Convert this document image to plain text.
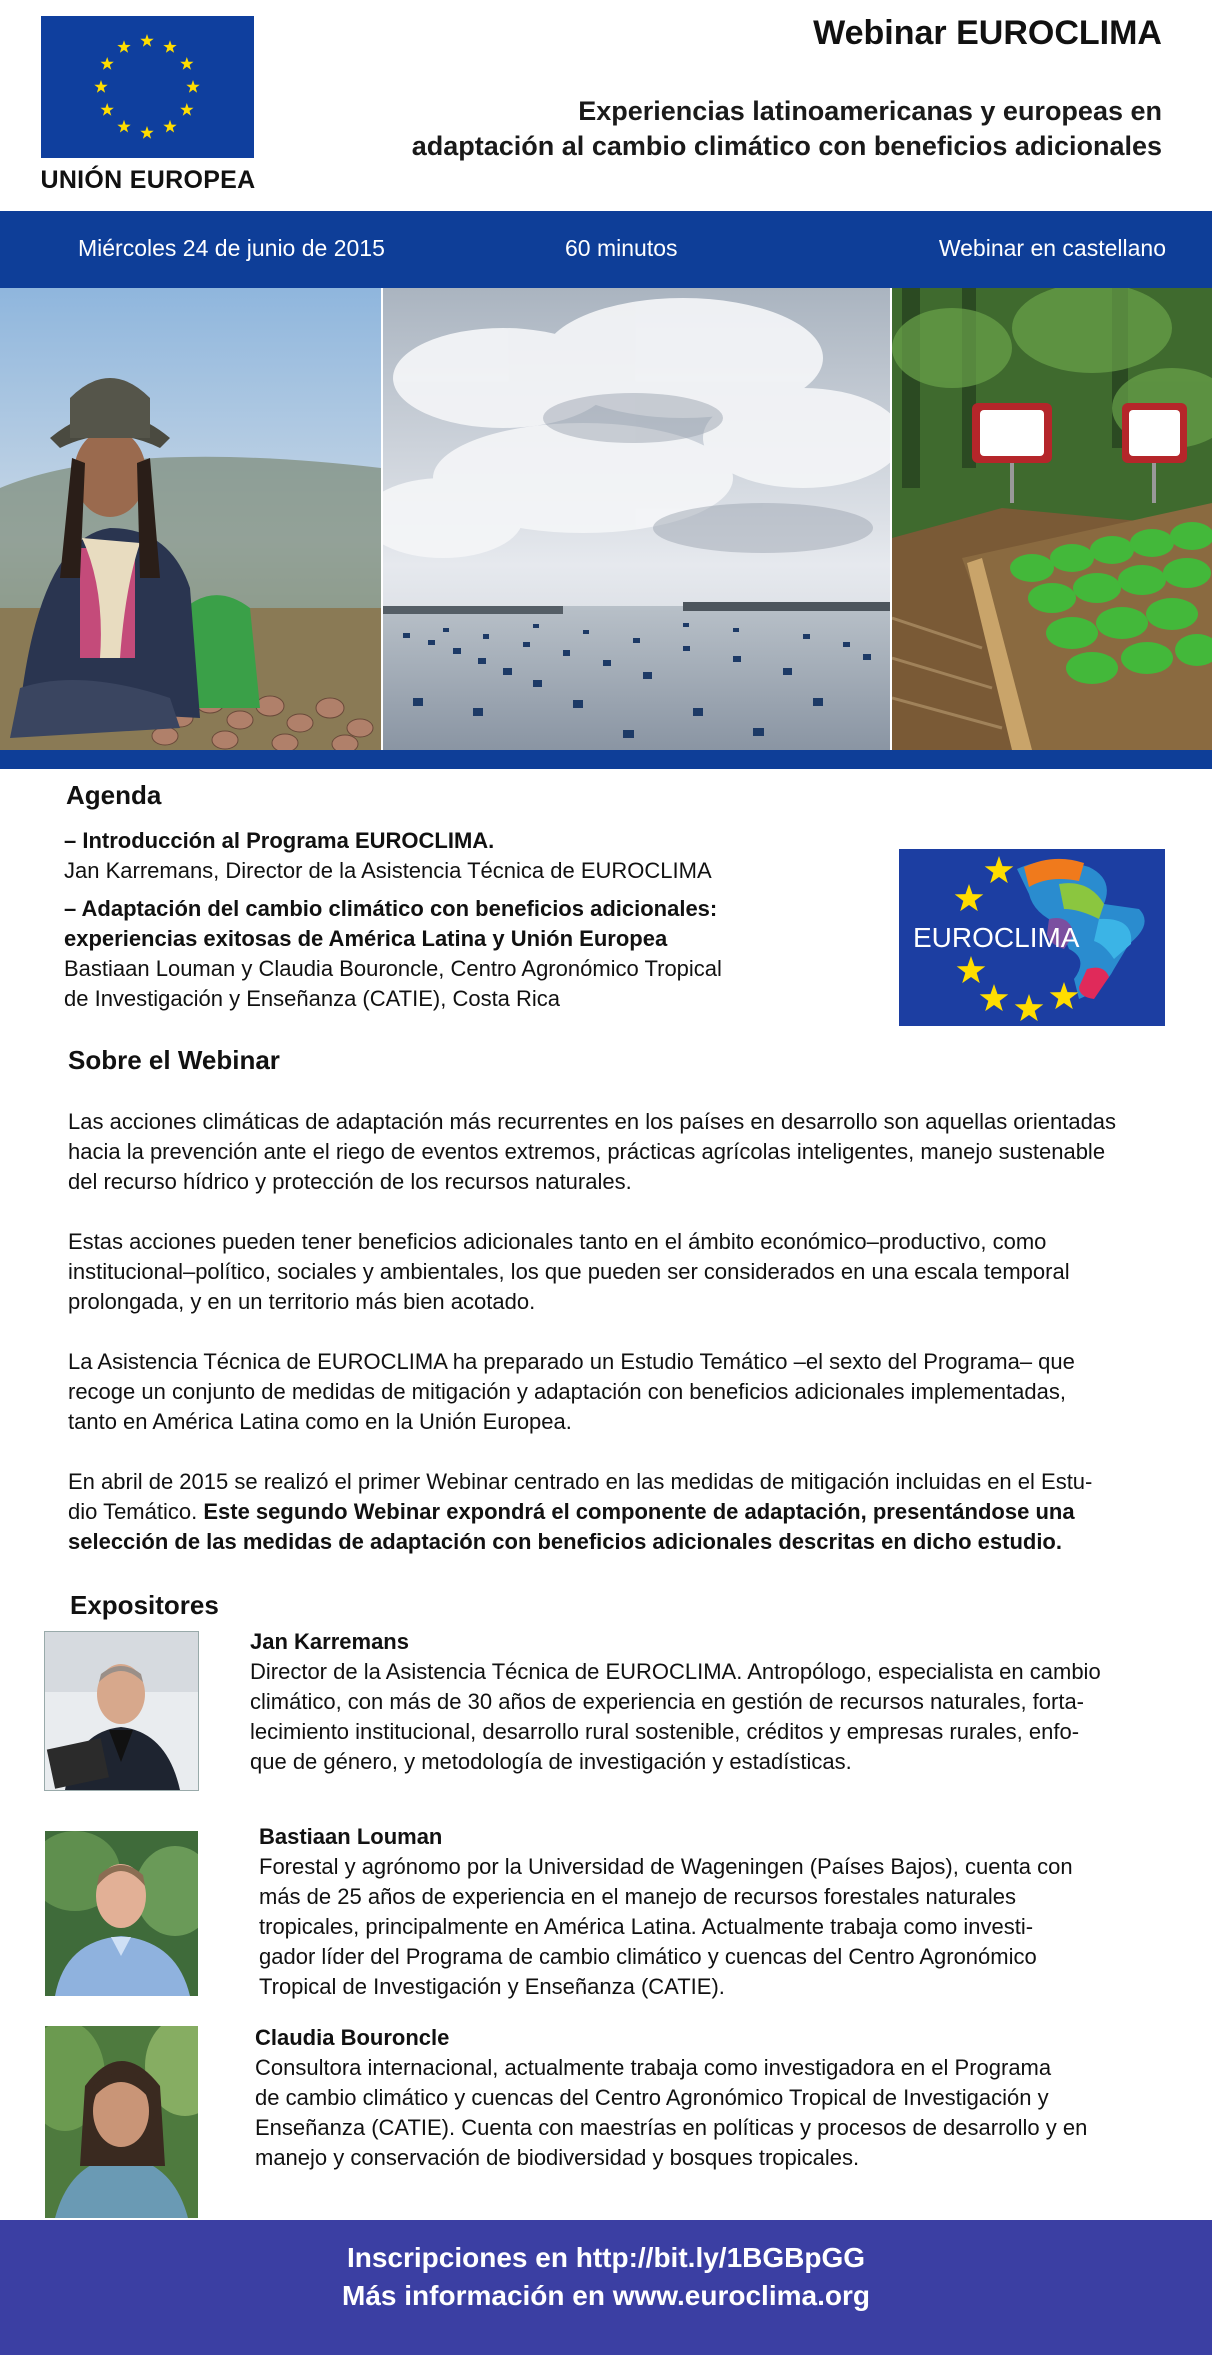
UNIÓN EUROPEA
Webinar EUROCLIMA
Experiencias latinoamericanas y europeas en
adaptación al cambio climático con beneficios adicionales
Miércoles 24 de junio de 2015	60 minutos	Webinar en castellano
Agenda
– Introducción al Programa EUROCLIMA.
Jan Karremans, Director de la Asistencia Técnica de EUROCLIMA
– Adaptación del cambio climático con beneficios adicionales:
experiencias exitosas de América Latina y Unión Europea
Bastiaan Louman y Claudia Bouroncle, Centro Agronómico Tropical
de Investigación y Enseñanza (CATIE), Costa Rica
EUROCLIMA
Sobre el Webinar

Las acciones climáticas de adaptación más recurrentes en los países en desarrollo son aquellas orientadas
hacia la prevención ante el riego de eventos extremos, prácticas agrícolas inteligentes, manejo sustenable
del recurso hídrico y protección de los recursos naturales.

Estas acciones pueden tener beneficios adicionales tanto en el ámbito económico–productivo, como
institucional–político, sociales y ambientales, los que pueden ser considerados en una escala temporal
prolongada, y en un territorio más bien acotado.

La Asistencia Técnica de EUROCLIMA ha preparado un Estudio Temático –el sexto del Programa– que
recoge un conjunto de medidas de mitigación y adaptación con beneficios adicionales implementadas,
tanto en América Latina como en la Unión Europea.

En abril de 2015 se realizó el primer Webinar centrado en las medidas de mitigación incluidas en el Estu-
dio Temático. Este segundo Webinar expondrá el componente de adaptación, presentándose una
selección de las medidas de adaptación con beneficios adicionales descritas en dicho estudio.

Expositores
Jan Karremans
Director de la Asistencia Técnica de EUROCLIMA. Antropólogo, especialista en cambio
climático, con más de 30 años de experiencia en gestión de recursos naturales, forta-
lecimiento institucional, desarrollo rural sostenible, créditos y empresas rurales, enfo-
que de género, y metodología de investigación y estadísticas.
Bastiaan Louman
Forestal y agrónomo por la Universidad de Wageningen (Países Bajos), cuenta con
más de 25 años de experiencia en el manejo de recursos forestales naturales
tropicales, principalmente en América Latina. Actualmente trabaja como investi-
gador líder del Programa de cambio climático y cuencas del Centro Agronómico
Tropical de Investigación y Enseñanza (CATIE).
Claudia Bouroncle
Consultora internacional, actualmente trabaja como investigadora en el Programa
de cambio climático y cuencas del Centro Agronómico Tropical de Investigación y
Enseñanza (CATIE). Cuenta con maestrías en políticas y procesos de desarrollo y en
manejo y conservación de biodiversidad y bosques tropicales.
Inscripciones en http://bit.ly/1BGBpGG
Más información en www.euroclima.org
